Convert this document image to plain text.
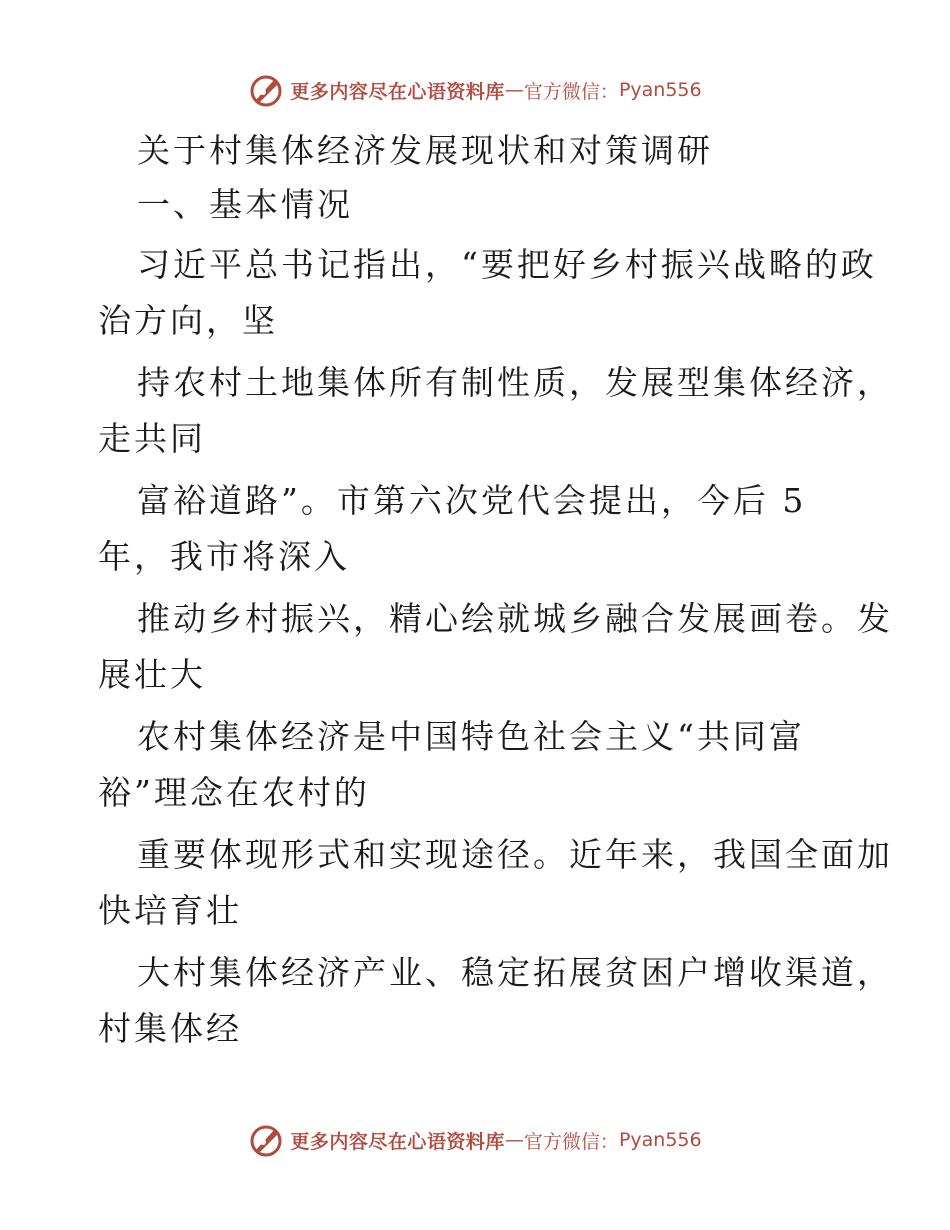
更多内容尽在心语资料库 — 官方微信： Pyan556
关于村集体经济发展现状和对策调研
一、基本情况
习近平总书记指出，“要把好乡村振兴战略的政
治方向，坚
持农村土地集体所有制性质，发展型集体经济，
走共同
富裕道路”。市第六次党代会提出，今后 5
年，我市将深入
推动乡村振兴，精心绘就城乡融合发展画卷。发
展壮大
农村集体经济是中国特色社会主义“共同富
裕”理念在农村的
重要体现形式和实现途径。近年来，我国全面加
快培育壮
大村集体经济产业、稳定拓展贫困户增收渠道，
村集体经
更多内容尽在心语资料库 — 官方微信： Pyan556
